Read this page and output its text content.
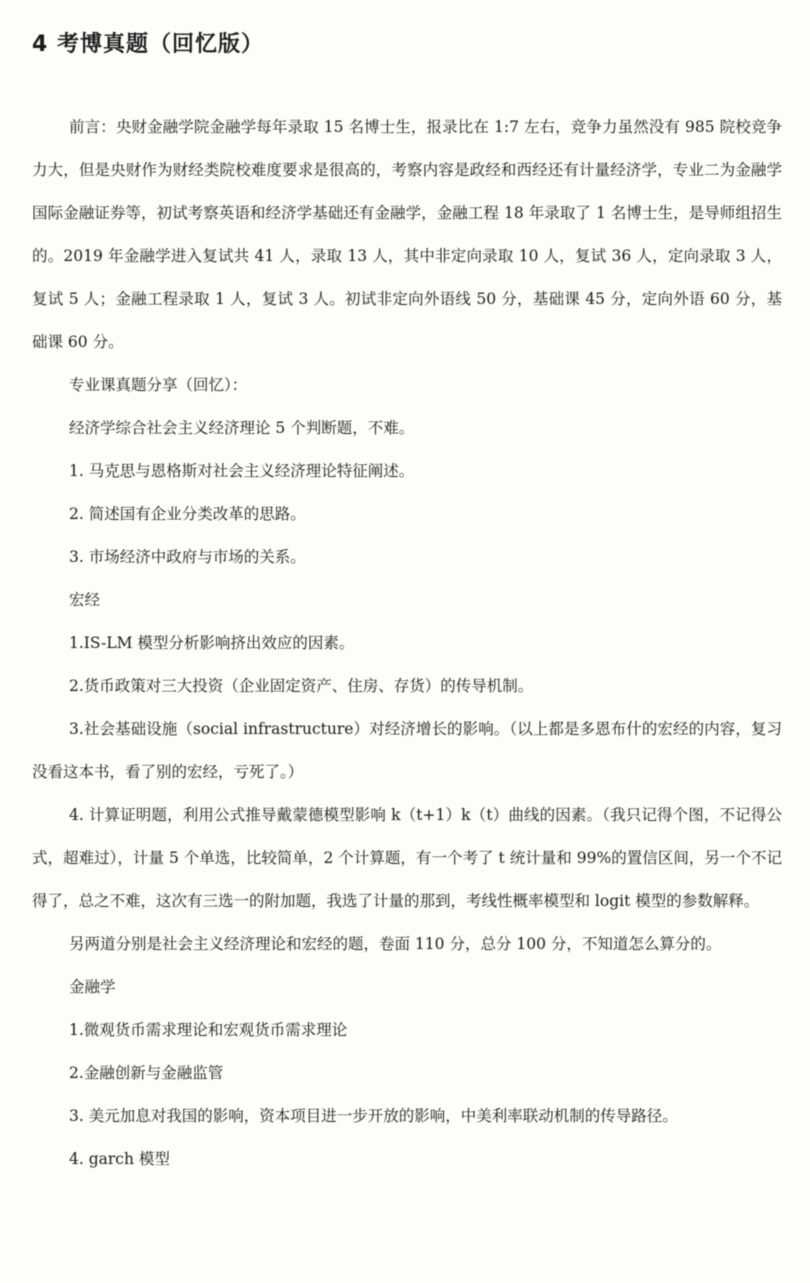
4 考博真题（回忆版）

前言：央财金融学院金融学每年录取 15 名博士生，报录比在 1:7 左右，竞争力虽然没有 985 院校竞争力大，但是央财作为财经类院校难度要求是很高的，考察内容是政经和西经还有计量经济学，专业二为金融学国际金融证券等，初试考察英语和经济学基础还有金融学，金融工程 18 年录取了 1 名博士生，是导师组招生的。2019 年金融学进入复试共 41 人，录取 13 人，其中非定向录取 10 人，复试 36 人，定向录取 3 人，复试 5 人；金融工程录取 1 人，复试 3 人。初试非定向外语线 50 分，基础课 45 分，定向外语 60 分，基础课 60 分。

专业课真题分享（回忆）：

经济学综合社会主义经济理论 5 个判断题，不难。

1. 马克思与恩格斯对社会主义经济理论特征阐述。

2. 简述国有企业分类改革的思路。

3. 市场经济中政府与市场的关系。

宏经

1.IS-LM 模型分析影响挤出效应的因素。

2.货币政策对三大投资（企业固定资产、住房、存货）的传导机制。

3.社会基础设施（social infrastructure）对经济增长的影响。（以上都是多恩布什的宏经的内容，复习没看这本书，看了别的宏经，亏死了。）

4. 计算证明题，利用公式推导戴蒙德模型影响 k（t+1）k（t）曲线的因素。（我只记得个图，不记得公式，超难过），计量 5 个单选，比较简单，2 个计算题，有一个考了 t 统计量和 99%的置信区间，另一个不记得了，总之不难，这次有三选一的附加题，我选了计量的那到，考线性概率模型和 logit 模型的参数解释。

另两道分别是社会主义经济理论和宏经的题，卷面 110 分，总分 100 分，不知道怎么算分的。

金融学

1.微观货币需求理论和宏观货币需求理论

2.金融创新与金融监管

3. 美元加息对我国的影响，资本项目进一步开放的影响，中美利率联动机制的传导路径。

4. garch 模型
